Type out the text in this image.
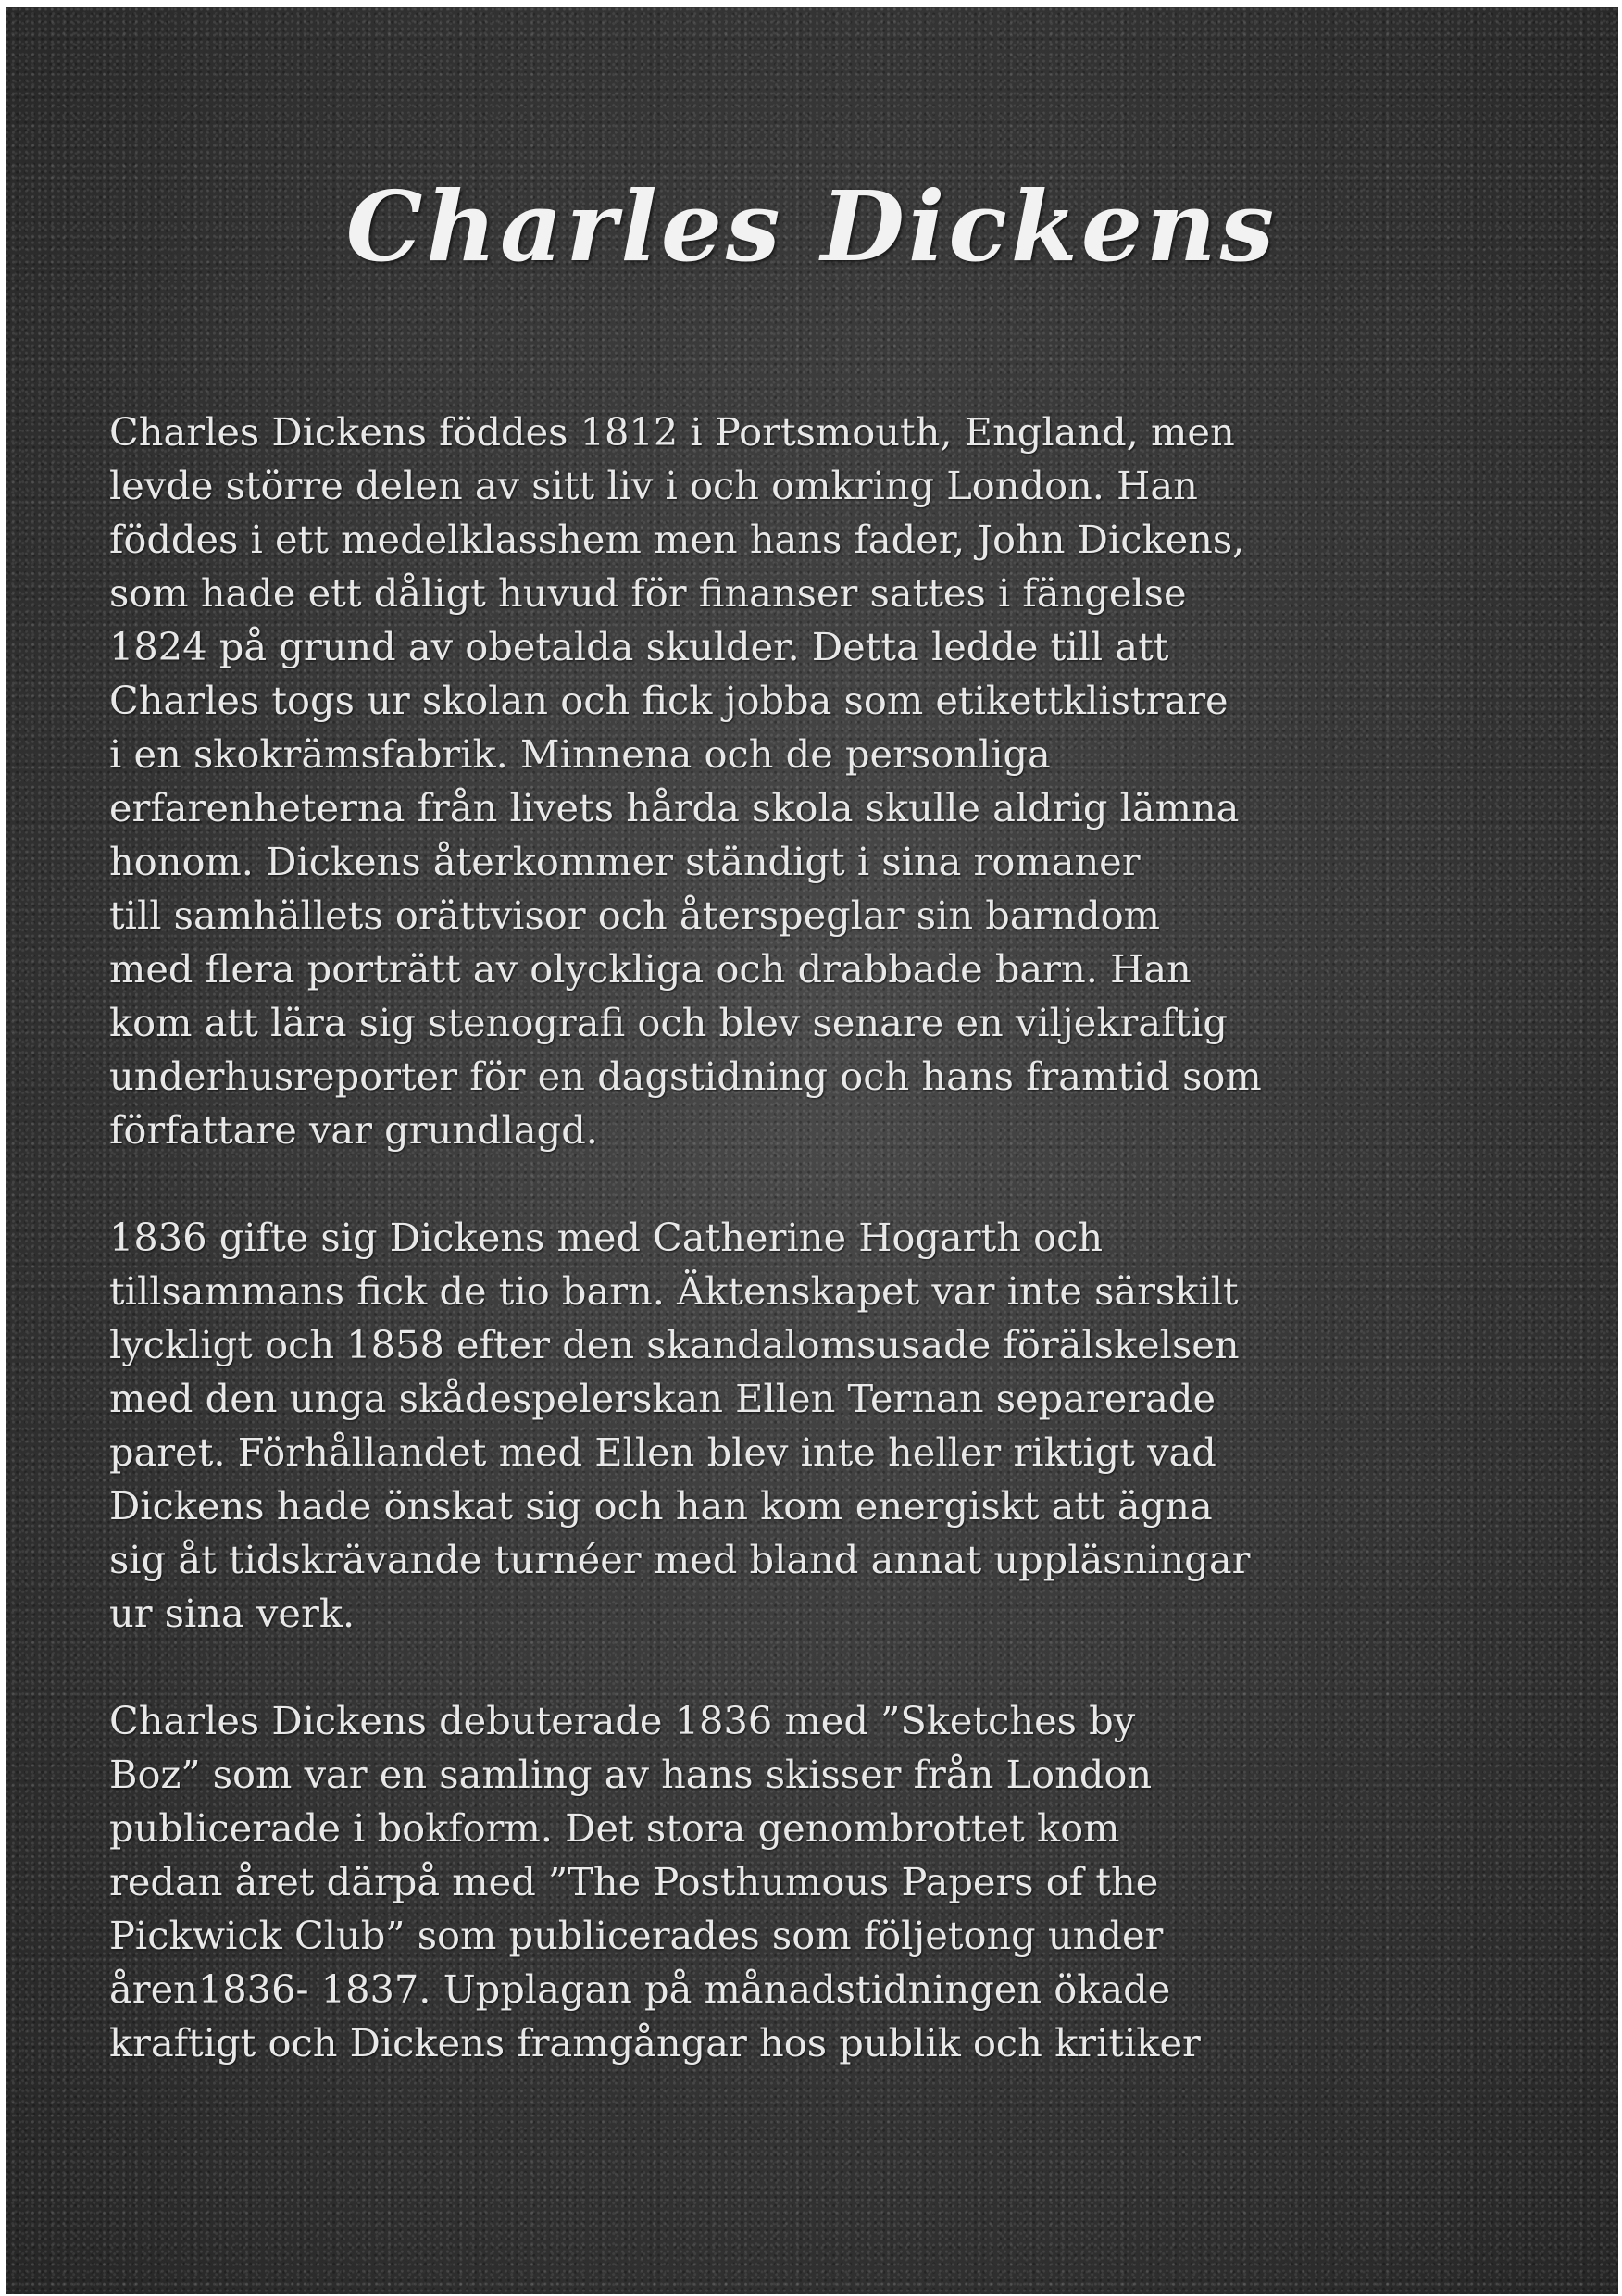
Charles Dickens

Charles Dickens föddes 1812 i Portsmouth, England, men
levde större delen av sitt liv i och omkring London. Han
föddes i ett medelklasshem men hans fader, John Dickens,
som hade ett dåligt huvud för finanser sattes i fängelse
1824 på grund av obetalda skulder. Detta ledde till att
Charles togs ur skolan och fick jobba som etikettklistrare
i en skokrämsfabrik. Minnena och de personliga
erfarenheterna från livets hårda skola skulle aldrig lämna
honom. Dickens återkommer ständigt i sina romaner
till samhällets orättvisor och återspeglar sin barndom
med flera porträtt av olyckliga och drabbade barn. Han
kom att lära sig stenografi och blev senare en viljekraftig
underhusreporter för en dagstidning och hans framtid som
författare var grundlagd.

1836 gifte sig Dickens med Catherine Hogarth och
tillsammans fick de tio barn. Äktenskapet var inte särskilt
lyckligt och 1858 efter den skandalomsusade förälskelsen
med den unga skådespelerskan Ellen Ternan separerade
paret. Förhållandet med Ellen blev inte heller riktigt vad
Dickens hade önskat sig och han kom energiskt att ägna
sig åt tidskrävande turnéer med bland annat uppläsningar
ur sina verk.

Charles Dickens debuterade 1836 med ”Sketches by
Boz” som var en samling av hans skisser från London
publicerade i bokform. Det stora genombrottet kom
redan året därpå med ”The Posthumous Papers of the
Pickwick Club” som publicerades som följetong under
åren1836- 1837. Upplagan på månadstidningen ökade
kraftigt och Dickens framgångar hos publik och kritiker
